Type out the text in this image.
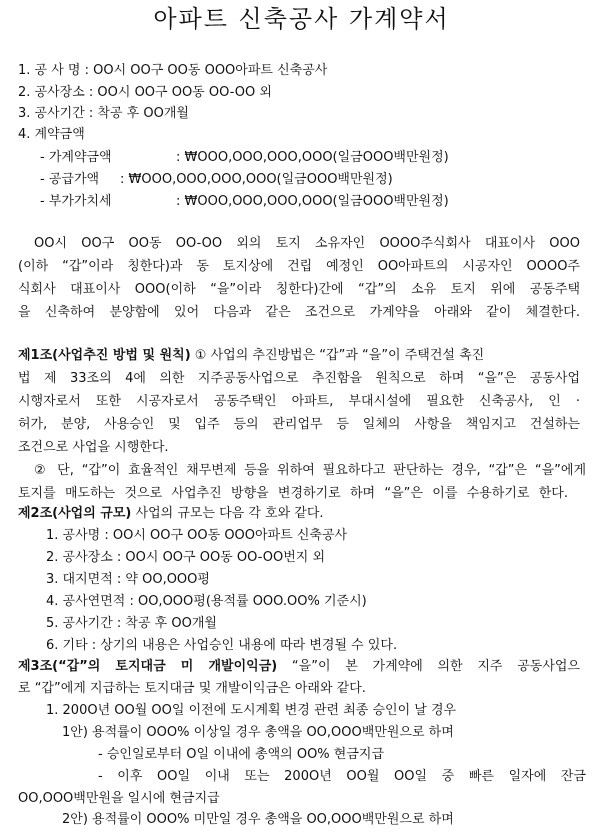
아파트 신축공사 가계약서
1. 공 사 명 : OO시 OO구 OO동 OOO아파트 신축공사
2. 공사장소 : OO시 OO구 OO동 OO-OO 외
3. 공사기간 : 착공 후 OO개월
4. 계약금액
- 가계약금액	: ₩OOO,OOO,OOO,OOO(일금OOO백만원정)
- 공급가액 : ₩OOO,OOO,OOO,OOO(일금OOO백만원정)
- 부가가치세	: ₩OOO,OOO,OOO,OOO(일금OOO백만원정)
OO시 OO구 OO동 OO-OO 외의 토지 소유자인 OOOO주식회사 대표이사 OOO
(이하 “갑”이라 칭한다)과 동 토지상에 건립 예정인 OO아파트의 시공자인 OOOO주
식회사 대표이사 OOO(이하 “을”이라 칭한다)간에 “갑”의 소유 토지 위에 공동주택
을 신축하여 분양함에 있어 다음과 같은 조건으로 가계약을 아래와 같이 체결한다.
제1조(사업추진 방법 및 원칙) ① 사업의 추진방법은 “갑”과 “을”이 주택건설 촉진
법 제 33조의 4에 의한 지주공동사업으로 추진함을 원칙으로 하며 “을”은 공동사업
시행자로서 또한 시공자로서 공동주택인 아파트, 부대시설에 필요한 신축공사, 인 ·
허가, 분양, 사용승인 및 입주 등의 관리업무 등 일체의 사항을 책임지고 건설하는
조건으로 사업을 시행한다.
② 단, “갑”이 효율적인 채무변제 등을 위하여 필요하다고 판단하는 경우, “갑”은 “을”에게
토지를 매도하는 것으로 사업추진 방향을 변경하기로 하며 “을”은 이를 수용하기로 한다.
제2조(사업의 규모) 사업의 규모는 다음 각 호와 같다.
1. 공사명 : OO시 OO구 OO동 OOO아파트 신축공사
2. 공사장소 : OO시 OO구 OO동 OO-OO번지 외
3. 대지면적 : 약 OO,OOO평
4. 공사연면적 : OO,OOO평(용적률 OOO.OO% 기준시)
5. 공사기간 : 착공 후 OO개월
6. 기타 : 상기의 내용은 사업승인 내용에 따라 변경될 수 있다.
제3조(“갑”의 토지대금 미 개발이익금) “을”이 본 가계약에 의한 지주 공동사업으
로 “갑”에게 지급하는 토지대금 및 개발이익금은 아래와 같다.
1. 200O년 OO월 OO일 이전에 도시계획 변경 관련 최종 승인이 날 경우
1안) 용적률이 OOO% 이상일 경우 총액을 OO,OOO백만원으로 하며
- 승인일로부터 O일 이내에 총액의 OO% 현금지급
- 이후 OO일 이내 또는 200O년 OO월 OO일 중 빠른 일자에 잔금
OO,OOO백만원을 일시에 현금지급
2안) 용적률이 OOO% 미만일 경우 총액을 OO,OOO백만원으로 하며
